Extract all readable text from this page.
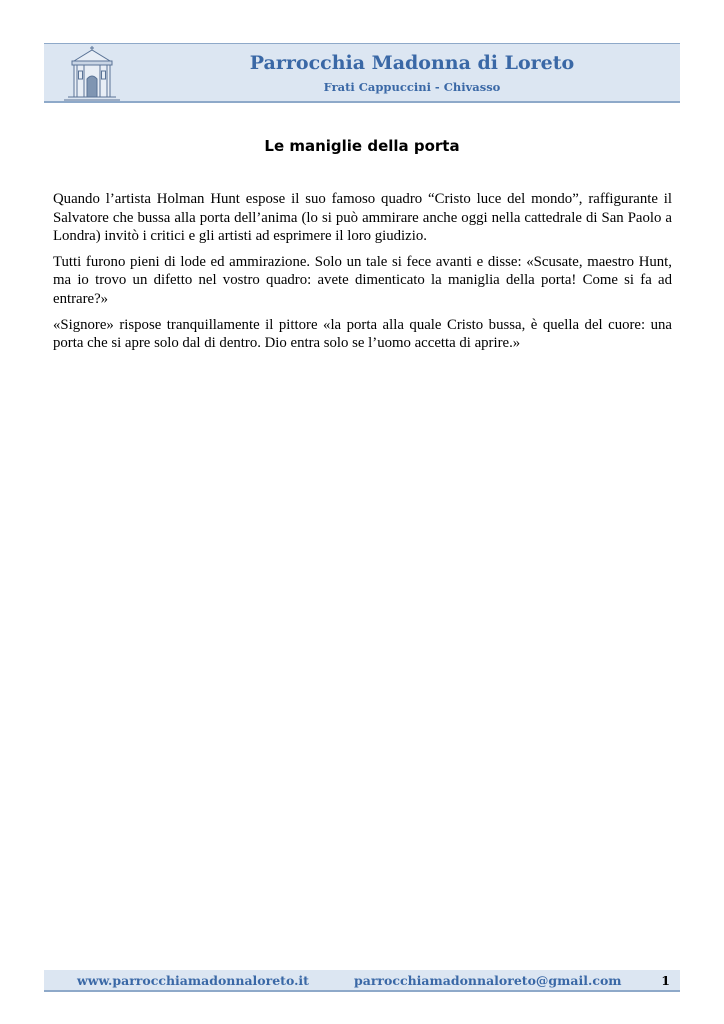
Parrocchia Madonna di Loreto
Frati Cappuccini - Chivasso
Le maniglie della porta

Quando l’artista Holman Hunt espose il suo famoso quadro “Cristo luce del mondo”, raffigurante il Salvatore che bussa alla porta dell’anima (lo si può ammirare anche oggi nella cattedrale di San Paolo a Londra) invitò i critici e gli artisti ad esprimere il loro giudizio.

Tutti furono pieni di lode ed ammirazione. Solo un tale si fece avanti e disse: «Scusate, maestro Hunt, ma io trovo un difetto nel vostro quadro: avete dimenticato la maniglia della porta! Come si fa ad entrare?»

«Signore» rispose tranquillamente il pittore «la porta alla quale Cristo bussa, è quella del cuore: una porta che si apre solo dal di dentro. Dio entra solo se l’uomo accetta di aprire.»

www.parrocchiamadonnaloreto.it	parrocchiamadonnaloreto@gmail.com	1
